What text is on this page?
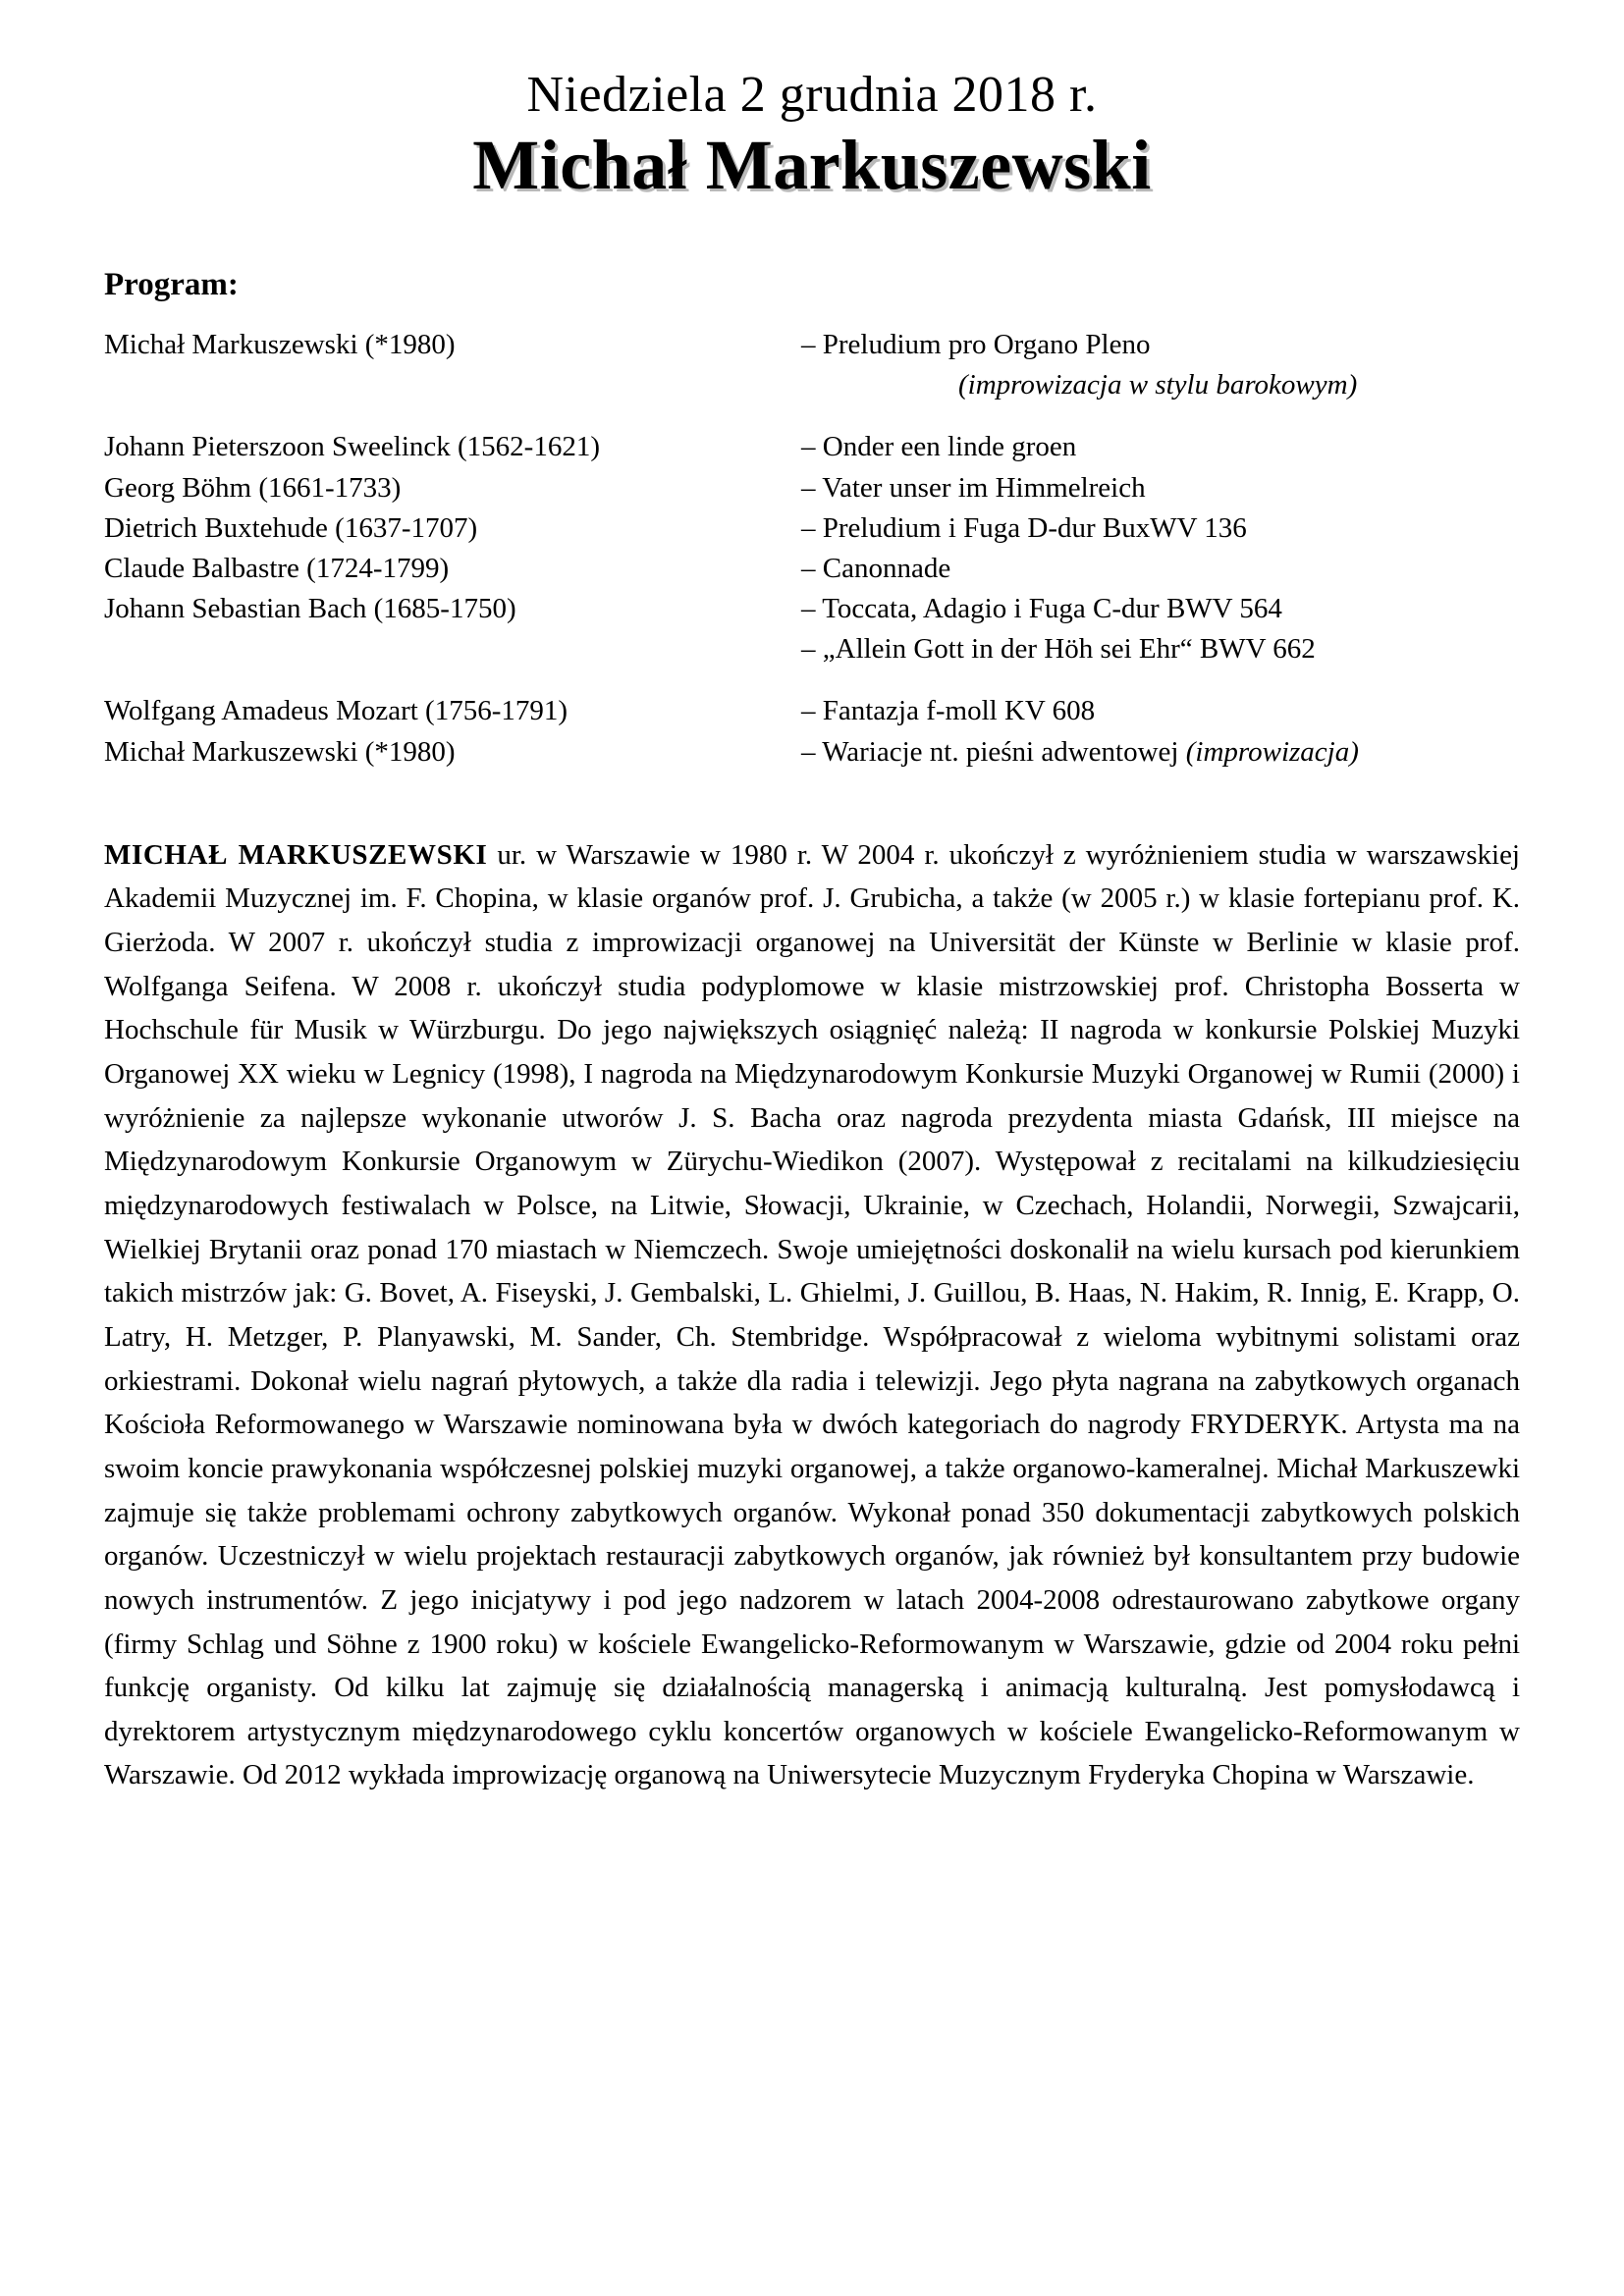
Niedziela 2 grudnia 2018 r.
Michał Markuszewski
Program:
Michał Markuszewski (*1980)	– Preludium pro Organo Pleno
(improwizacja w stylu barokowym)

Johann Pieterszoon Sweelinck (1562-1621)	– Onder een linde groen
Georg Böhm (1661-1733)	– Vater unser im Himmelreich
Dietrich Buxtehude (1637-1707)	– Preludium i Fuga D-dur BuxWV 136
Claude Balbastre (1724-1799)	– Canonnade
Johann Sebastian Bach (1685-1750)	– Toccata, Adagio i Fuga C-dur BWV 564
	– „Allein Gott in der Höh sei Ehr“ BWV 662

Wolfgang Amadeus Mozart (1756-1791)	– Fantazja f-moll KV 608
Michał Markuszewski (*1980)	– Wariacje nt. pieśni adwentowej (improwizacja)

MICHAŁ MARKUSZEWSKI ur. w Warszawie w 1980 r. W 2004 r. ukończył z wyróżnieniem studia w warszawskiej Akademii Muzycznej im. F. Chopina, w klasie organów prof. J. Grubicha, a także (w 2005 r.) w klasie fortepianu prof. K. Gierżoda. W 2007 r. ukończył studia z improwizacji organowej na Universität der Künste w Berlinie w klasie prof. Wolfganga Seifena. W 2008 r. ukończył studia podyplomowe w klasie mistrzowskiej prof. Christopha Bosserta w Hochschule für Musik w Würzburgu. Do jego największych osiągnięć należą: II nagroda w konkursie Polskiej Muzyki Organowej XX wieku w Legnicy (1998), I nagroda na Międzynarodowym Konkursie Muzyki Organowej w Rumii (2000) i wyróżnienie za najlepsze wykonanie utworów J. S. Bacha oraz nagroda prezydenta miasta Gdańsk, III miejsce na Międzynarodowym Konkursie Organowym w Zürychu-Wiedikon (2007). Występował z recitalami na kilkudziesięciu międzynarodowych festiwalach w Polsce, na Litwie, Słowacji, Ukrainie, w Czechach, Holandii, Norwegii, Szwajcarii, Wielkiej Brytanii oraz ponad 170 miastach w Niemczech. Swoje umiejętności doskonalił na wielu kursach pod kierunkiem takich mistrzów jak: G. Bovet, A. Fiseyski, J. Gembalski, L. Ghielmi, J. Guillou, B. Haas, N. Hakim, R. Innig, E. Krapp, O. Latry, H. Metzger, P. Planyawski, M. Sander, Ch. Stembridge. Współpracował z wieloma wybitnymi solistami oraz orkiestrami. Dokonał wielu nagrań płytowych, a także dla radia i telewizji. Jego płyta nagrana na zabytkowych organach Kościoła Reformowanego w Warszawie nominowana była w dwóch kategoriach do nagrody FRYDERYK. Artysta ma na swoim koncie prawykonania współczesnej polskiej muzyki organowej, a także organowo-kameralnej. Michał Markuszewki zajmuje się także problemami ochrony zabytkowych organów. Wykonał ponad 350 dokumentacji zabytkowych polskich organów. Uczestniczył w wielu projektach restauracji zabytkowych organów, jak również był konsultantem przy budowie nowych instrumentów. Z jego inicjatywy i pod jego nadzorem w latach 2004-2008 odrestaurowano zabytkowe organy (firmy Schlag und Söhne z 1900 roku) w kościele Ewangelicko-Reformowanym w Warszawie, gdzie od 2004 roku pełni funkcję organisty. Od kilku lat zajmuję się działalnością managerską i animacją kulturalną. Jest pomysłodawcą i dyrektorem artystycznym międzynarodowego cyklu koncertów organowych w kościele Ewangelicko-Reformowanym w Warszawie. Od 2012 wykłada improwizację organową na Uniwersytecie Muzycznym Fryderyka Chopina w Warszawie.
